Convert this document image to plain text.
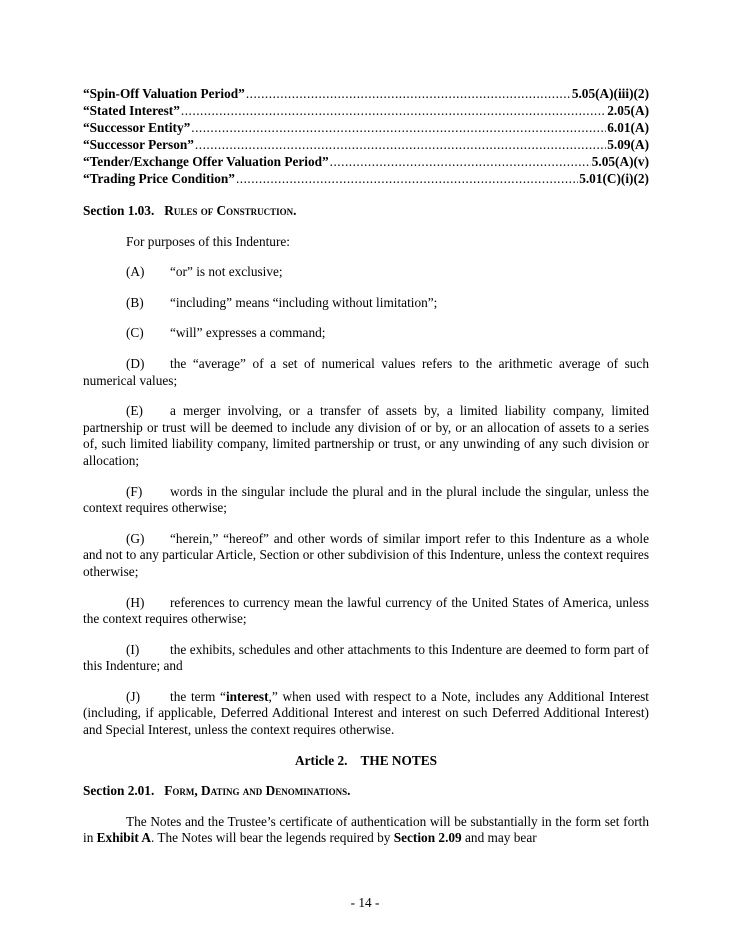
“Spin-Off Valuation Period” .....	5.05(A)(iii)(2)
“Stated Interest” .....	2.05(A)
“Successor Entity” .....	6.01(A)
“Successor Person” .....	5.09(A)
“Tender/Exchange Offer Valuation Period” .....	5.05(A)(v)
“Trading Price Condition” .....	5.01(C)(i)(2)

Section 1.03. Rules of Construction.

For purposes of this Indenture:

(A) “or” is not exclusive;

(B) “including” means “including without limitation”;

(C) “will” expresses a command;

(D) the “average” of a set of numerical values refers to the arithmetic average of such numerical values;

(E) a merger involving, or a transfer of assets by, a limited liability company, limited partnership or trust will be deemed to include any division of or by, or an allocation of assets to a series of, such limited liability company, limited partnership or trust, or any unwinding of any such division or allocation;

(F) words in the singular include the plural and in the plural include the singular, unless the context requires otherwise;

(G) “herein,” “hereof” and other words of similar import refer to this Indenture as a whole and not to any particular Article, Section or other subdivision of this Indenture, unless the context requires otherwise;

(H) references to currency mean the lawful currency of the United States of America, unless the context requires otherwise;

(I) the exhibits, schedules and other attachments to this Indenture are deemed to form part of this Indenture; and

(J) the term “interest,” when used with respect to a Note, includes any Additional Interest (including, if applicable, Deferred Additional Interest and interest on such Deferred Additional Interest) and Special Interest, unless the context requires otherwise.

Article 2. THE NOTES

Section 2.01. Form, Dating and Denominations.

The Notes and the Trustee’s certificate of authentication will be substantially in the form set forth in Exhibit A. The Notes will bear the legends required by Section 2.09 and may bear

- 14 -
